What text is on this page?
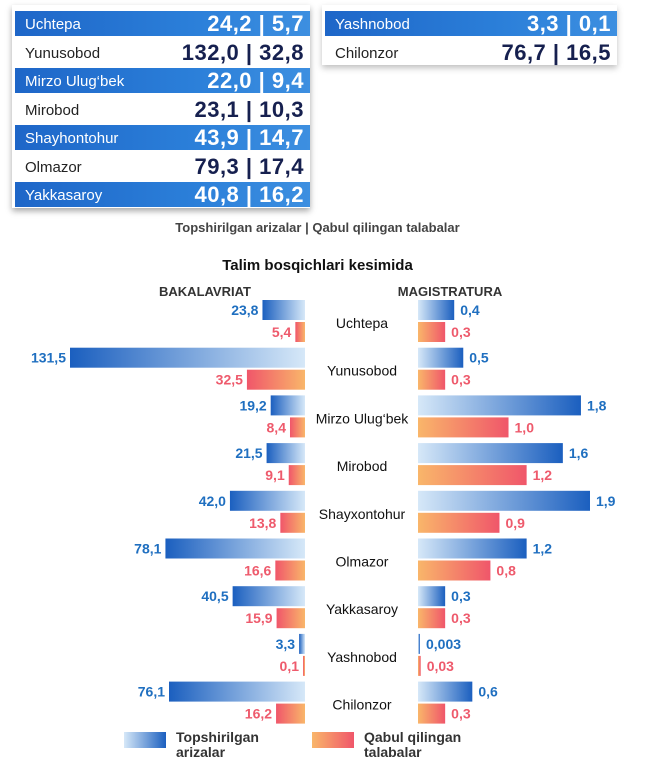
Uchtepa	24,2 | 5,7
Yunusobod	132,0 | 32,8
Mirzo Ulug‘bek	22,0 | 9,4
Mirobod	23,1 | 10,3
Shayhontohur	43,9 | 14,7
Olmazor	79,3 | 17,4
Yakkasaroy	40,8 | 16,2
Yashnobod	3,3 | 0,1
Chilonzor	76,7 | 16,5
Topshirilgan arizalar | Qabul qilingan talabalar
Talim bosqichlari kesimida
BAKALAVRIAT	MAGISTRATURA
23,8
5,4
0,4
0,3
Uchtepa
131,5
32,5
0,5
0,3
Yunusobod
19,2
8,4
1,8
1,0
Mirzo Ulug‘bek
21,5
9,1
1,6
1,2
Mirobod
42,0
13,8
1,9
0,9
Shayxontohur
78,1
16,6
1,2
0,8
Olmazor
40,5
15,9
0,3
0,3
Yakkasaroy
3,3
0,1
0,003
0,03
Yashnobod
76,1
16,2
0,6
0,3
Chilonzor
Topshirilgan arizalar
Qabul qilingan talabalar
